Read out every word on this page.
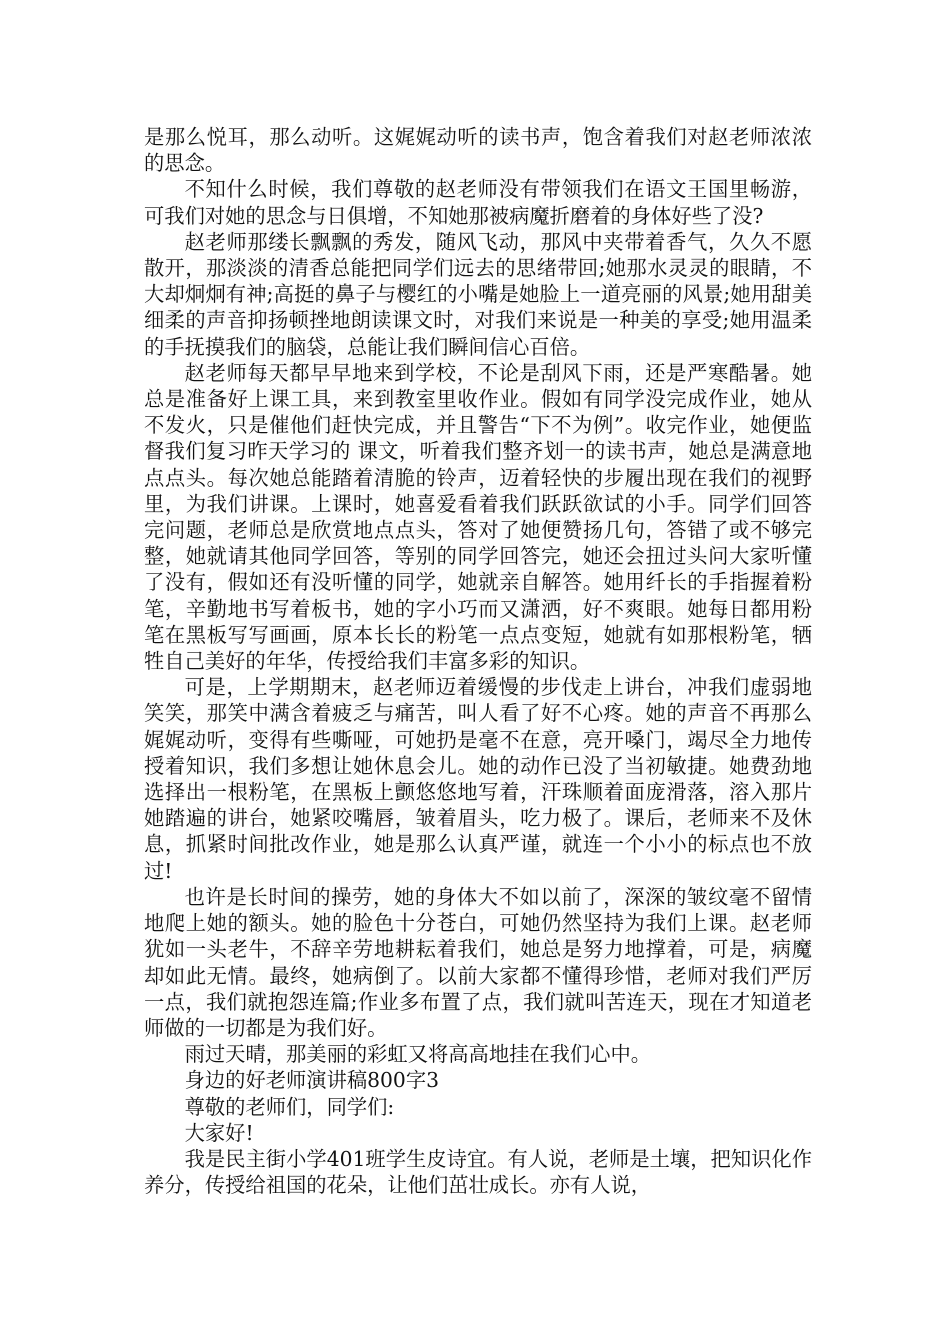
是那么悦耳，那么动听。这娓娓动听的读书声，饱含着我们对赵老师浓浓的思念。

不知什么时候，我们尊敬的赵老师没有带领我们在语文王国里畅游，可我们对她的思念与日俱增，不知她那被病魔折磨着的身体好些了没?

赵老师那缕长飘飘的秀发，随风飞动，那风中夹带着香气，久久不愿散开，那淡淡的清香总能把同学们远去的思绪带回;她那水灵灵的眼睛，不大却炯炯有神;高挺的鼻子与樱红的小嘴是她脸上一道亮丽的风景;她用甜美细柔的声音抑扬顿挫地朗读课文时，对我们来说是一种美的享受;她用温柔的手抚摸我们的脑袋，总能让我们瞬间信心百倍。

赵老师每天都早早地来到学校，不论是刮风下雨，还是严寒酷暑。她总是准备好上课工具，来到教室里收作业。假如有同学没完成作业，她从不发火，只是催他们赶快完成，并且警告“下不为例”。收完作业，她便监督我们复习昨天学习的 课文，听着我们整齐划一的读书声，她总是满意地点点头。每次她总能踏着清脆的铃声，迈着轻快的步履出现在我们的视野里，为我们讲课。上课时，她喜爱看着我们跃跃欲试的小手。同学们回答完问题，老师总是欣赏地点点头，答对了她便赞扬几句，答错了或不够完整，她就请其他同学回答，等别的同学回答完，她还会扭过头问大家听懂了没有，假如还有没听懂的同学，她就亲自解答。她用纤长的手指握着粉笔，辛勤地书写着板书，她的字小巧而又潇洒，好不爽眼。她每日都用粉笔在黑板写写画画，原本长长的粉笔一点点变短，她就有如那根粉笔，牺牲自己美好的年华，传授给我们丰富多彩的知识。

可是，上学期期末，赵老师迈着缓慢的步伐走上讲台，冲我们虚弱地笑笑，那笑中满含着疲乏与痛苦，叫人看了好不心疼。她的声音不再那么娓娓动听，变得有些嘶哑，可她扔是毫不在意，亮开嗓门，竭尽全力地传授着知识，我们多想让她休息会儿。她的动作已没了当初敏捷。她费劲地选择出一根粉笔，在黑板上颤悠悠地写着，汗珠顺着面庞滑落，溶入那片她踏遍的讲台，她紧咬嘴唇，皱着眉头，吃力极了。课后，老师来不及休息，抓紧时间批改作业，她是那么认真严谨，就连一个小小的标点也不放过!

也许是长时间的操劳，她的身体大不如以前了，深深的皱纹毫不留情地爬上她的额头。她的脸色十分苍白，可她仍然坚持为我们上课。赵老师犹如一头老牛，不辞辛劳地耕耘着我们，她总是努力地撑着，可是，病魔却如此无情。最终，她病倒了。以前大家都不懂得珍惜，老师对我们严厉一点，我们就抱怨连篇;作业多布置了点，我们就叫苦连天，现在才知道老师做的一切都是为我们好。

雨过天晴，那美丽的彩虹又将高高地挂在我们心中。

身边的好老师演讲稿800字3

尊敬的老师们，同学们:

大家好!

我是民主街小学401班学生皮诗宜。有人说，老师是土壤，把知识化作养分，传授给祖国的花朵，让他们茁壮成长。亦有人说，
